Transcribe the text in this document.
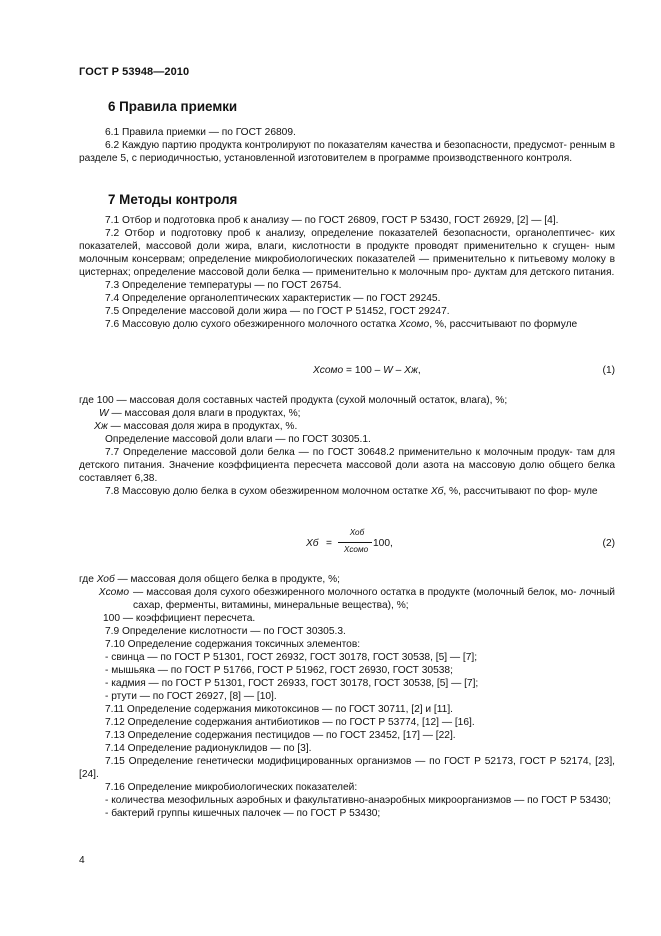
ГОСТ Р 53948—2010
6 Правила приемки

6.1 Правила приемки — по ГОСТ 26809.

6.2 Каждую партию продукта контролируют по показателям качества и безопасности, предусмот- ренным в разделе 5, с периодичностью, установленной изготовителем в программе производственного контроля.

7 Методы контроля

7.1 Отбор и подготовка проб к анализу — по ГОСТ 26809, ГОСТ Р 53430, ГОСТ 26929, [2] — [4].

7.2 Отбор и подготовку проб к анализу, определение показателей безопасности, органолептичес- ких показателей, массовой доли жира, влаги, кислотности в продукте проводят применительно к сгущен- ным молочным консервам; определение микробиологических показателей — применительно к питьевому молоку в цистернах; определение массовой доли белка — применительно к молочным про- дуктам для детского питания.

7.3 Определение температуры — по ГОСТ 26754.

7.4 Определение органолептических характеристик — по ГОСТ 29245.

7.5 Определение массовой доли жира — по ГОСТ Р 51452, ГОСТ 29247.

7.6 Массовую долю сухого обезжиренного молочного остатка Хсомо, %, рассчитывают по формуле

Хсомо = 100 – W – Хж,	(1)

где 100 — массовая доля составных частей продукта (сухой молочный остаток, влага), %;

W — массовая доля влаги в продуктах, %;

Хж — массовая доля жира в продуктах, %.

Определение массовой доли влаги — по ГОСТ 30305.1.

7.7 Определение массовой доли белка — по ГОСТ 30648.2 применительно к молочным продук- там для детского питания. Значение коэффициента пересчета массовой доли азота на массовую долю общего белка составляет 6,38.

7.8 Массовую долю белка в сухом обезжиренном молочном остатке Хб, %, рассчитывают по фор- муле

Хб =
Хоб
Хсомо
100,	(2)

где Хоб — массовая доля общего белка в продукте, %;

Хсомо — массовая доля сухого обезжиренного молочного остатка в продукте (молочный белок, мо- лочный сахар, ферменты, витамины, минеральные вещества), %;

100 — коэффициент пересчета.

7.9 Определение кислотности — по ГОСТ 30305.3.

7.10 Определение содержания токсичных элементов:

- свинца — по ГОСТ Р 51301, ГОСТ 26932, ГОСТ 30178, ГОСТ 30538, [5] — [7];

- мышьяка — по ГОСТ Р 51766, ГОСТ Р 51962, ГОСТ 26930, ГОСТ 30538;

- кадмия — по ГОСТ Р 51301, ГОСТ 26933, ГОСТ 30178, ГОСТ 30538, [5] — [7];

- ртути — по ГОСТ 26927, [8] — [10].

7.11 Определение содержания микотоксинов — по ГОСТ 30711, [2] и [11].

7.12 Определение содержания антибиотиков — по ГОСТ Р 53774, [12] — [16].

7.13 Определение содержания пестицидов — по ГОСТ 23452, [17] — [22].

7.14 Определение радионуклидов — по [3].

7.15 Определение генетически модифицированных организмов — по ГОСТ Р 52173, ГОСТ Р 52174, [23], [24].

7.16 Определение микробиологических показателей:

- количества мезофильных аэробных и факультативно-анаэробных микроорганизмов — по ГОСТ Р 53430;

- бактерий группы кишечных палочек — по ГОСТ Р 53430;

4
